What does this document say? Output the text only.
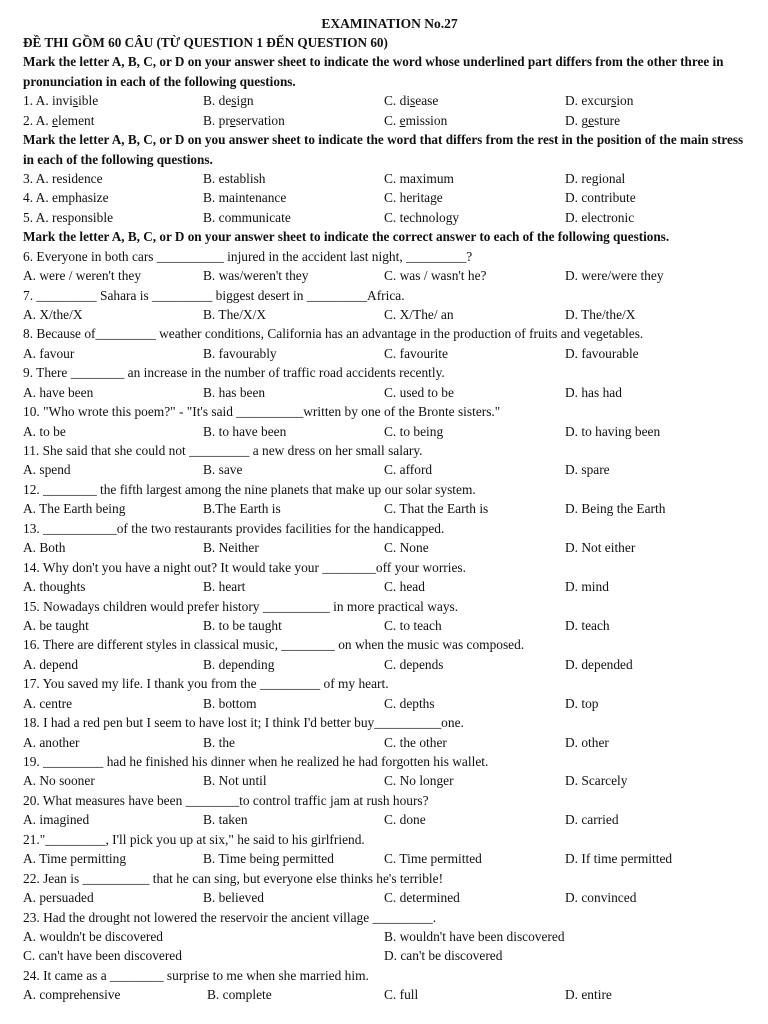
EXAMINATION No.27
ĐỀ THI GỒM 60 CÂU (TỪ QUESTION 1 ĐẾN QUESTION 60)
Mark the letter A, B, C, or D on your answer sheet to indicate the word whose underlined part differs from the other three in pronunciation in each of the following questions.
1. A. invisible	B. design	C. disease	D. excursion
2. A. element	B. preservation	C. emission	D. gesture
Mark the letter A, B, C, or D on you answer sheet to indicate the word that differs from the rest in the position of the main stress in each of the following questions.
3. A. residence	B. establish	C. maximum	D. regional
4. A. emphasize	B. maintenance	C. heritage	D. contribute
5. A. responsible	B. communicate	C. technology	D. electronic
Mark the letter A, B, C, or D on your answer sheet to indicate the correct answer to each of the following questions.
6. Everyone in both cars __________ injured in the accident last night, _________?
A. were / weren't they	B. was/weren't they	C. was / wasn't he?	D. were/were they
7. _________ Sahara is _________ biggest desert in _________Africa.
A. X/the/X	B. The/X/X	C. X/The/ an	D. The/the/X
8. Because of_________ weather conditions, California has an advantage in the production of fruits and vegetables.
A. favour	B. favourably	C. favourite	D. favourable
9. There ________ an increase in the number of traffic road accidents recently.
A. have been	B. has been	C. used to be	D. has had
10. "Who wrote this poem?" - "It's said __________written by one of the Bronte sisters."
A. to be	B. to have been	C. to being	D. to having been
11. She said that she could not _________ a new dress on her small salary.
A. spend	B. save	C. afford	D. spare
12. ________ the fifth largest among the nine planets that make up our solar system.
A. The Earth being	B.The Earth is	C. That the Earth is	D. Being the Earth
13. ___________of the two restaurants provides facilities for the handicapped.
A. Both	B. Neither	C. None	D. Not either
14. Why don't you have a night out? It would take your ________off your worries.
A. thoughts	B. heart	C. head	D. mind
15. Nowadays children would prefer history __________ in more practical ways.
A. be taught	B. to be taught	C. to teach	D. teach
16. There are different styles in classical music, ________ on when the music was composed.
A. depend	B. depending	C. depends	D. depended
17. You saved my life. I thank you from the _________ of my heart.
A. centre	B. bottom	C. depths	D. top
18. I had a red pen but I seem to have lost it; I think I'd better buy__________one.
A. another	B. the	C. the other	D. other
19. _________ had he finished his dinner when he realized he had forgotten his wallet.
A. No sooner	B. Not until	C. No longer	D. Scarcely
20. What measures have been ________to control traffic jam at rush hours?
A. imagined	B. taken	C. done	D. carried
21."_________, I'll pick you up at six," he said to his girlfriend.
A. Time permitting	B. Time being permitted	C. Time permitted	D. If time permitted
22. Jean is __________ that he can sing, but everyone else thinks he's terrible!
A. persuaded	B. believed	C. determined	D. convinced
23. Had the drought not lowered the reservoir the ancient village _________.
A. wouldn't be discovered	B. wouldn't have been discovered
C. can't have been discovered	D. can't be discovered
24. It came as a ________ surprise to me when she married him.
A. comprehensive	B. complete	C. full	D. entire
